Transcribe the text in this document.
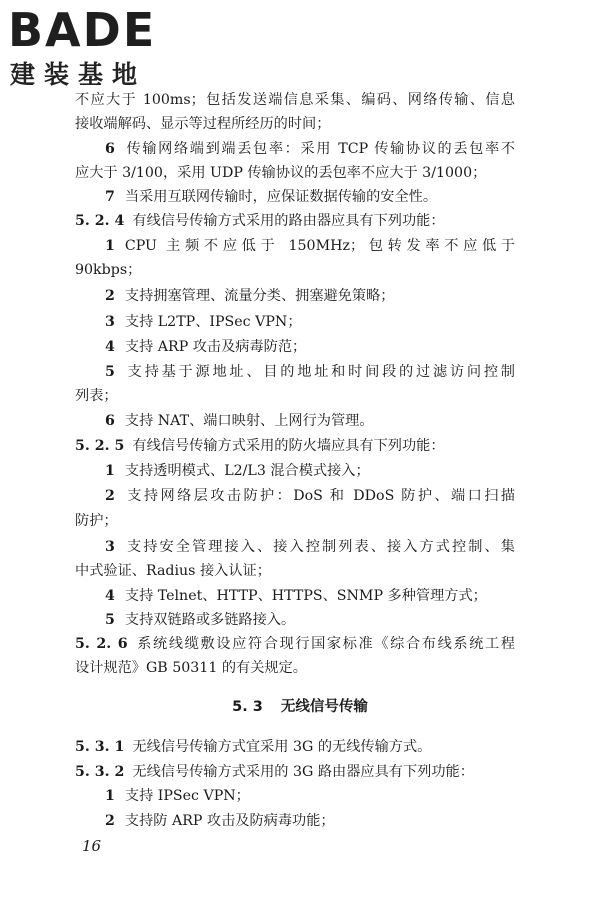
BADE
建装基地
不应大于 100ms；包括发送端信息采集、编码、网络传输、信息
接收端解码、显示等过程所经历的时间；
6 传输网络端到端丢包率：采用 TCP 传输协议的丢包率不
应大于 3/100，采用 UDP 传输协议的丢包率不应大于 3/1000；
7 当采用互联网传输时，应保证数据传输的安全性。
5. 2. 4 有线信号传输方式采用的路由器应具有下列功能：
1 CPU 主频不应低于 150MHz；包转发率不应低于
90kbps；
2 支持拥塞管理、流量分类、拥塞避免策略；
3 支持 L2TP、IPSec VPN；
4 支持 ARP 攻击及病毒防范；
5 支持基于源地址、目的地址和时间段的过滤访问控制
列表；
6 支持 NAT、端口映射、上网行为管理。
5. 2. 5 有线信号传输方式采用的防火墙应具有下列功能：
1 支持透明模式、L2/L3 混合模式接入；
2 支持网络层攻击防护：DoS 和 DDoS 防护、端口扫描
防护；
3 支持安全管理接入、接入控制列表、接入方式控制、集
中式验证、Radius 接入认证；
4 支持 Telnet、HTTP、HTTPS、SNMP 多种管理方式；
5 支持双链路或多链路接入。
5. 2. 6 系统线缆敷设应符合现行国家标准《综合布线系统工程
设计规范》GB 50311 的有关规定。
5. 3 无线信号传输
5. 3. 1 无线信号传输方式宜采用 3G 的无线传输方式。
5. 3. 2 无线信号传输方式采用的 3G 路由器应具有下列功能：
1 支持 IPSec VPN；
2 支持防 ARP 攻击及防病毒功能；
16
